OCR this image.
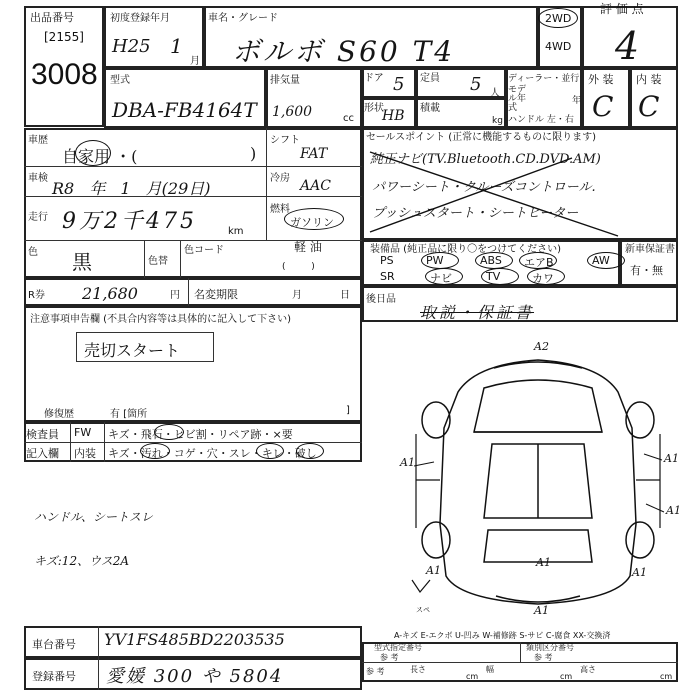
出品番号
[2155]
3008
初度登録年月
H25 1
月
車名・グレード
ボルボ S60 T4
2WD
4WD
評 価 点
4
型式
DBA-FB4164T
排気量
1,600	cc
ドア 5 定員 5 人
形状
HB 積載
kg
ディーラー・並行
モデル年式
年
ハンドル 左・右
外 装
C
内 装
C
車歴
自家用 ・(	)
シフト
FAT
車検
R8 年 1 月(29日)
冷房 AAC
走行 9万2千475	km
燃料
ガソリン
軽 油
色 黒	色替
色コード
(         )
R券 21,680	円 名変期限	月	日
セールスポイント (正常に機能するものに限ります)
純正ナビ(TV.Bluetooth.CD.DVD.AM)
パワーシート・クルーズコントロール.
プッシュスタート・シートヒーター
装備品 (純正品に限り〇をつけてください)	新車保証書
有・無
後日品
取説・保証書
注意事項申告欄 (不具合内容等は具体的に記入して下さい)
売切スタート
修復歴	有 [箇所	]
検査員
記入欄
FW キズ・飛石・ヒビ割・リペア跡・×要
内装 キズ・汚れ・コゲ・穴・スレ・キレ・破し
ハンドル、シートスレ
キズ:12、ウス2A
A2
A1	A1
A1
A1
A1
A1
A1
スペ
A-キズ E-エクボ U-凹み W-補修跡 S-サビ C-腐食 XX-交換済
車台番号 YV1FS485BD2203535
登録番号 愛媛 300 や 5804
型式指定番号
参 考
類別区分番号
参 考
参 考	長さ
cm
幅
cm
高さ
cm
PS	PW	ABS エアB	AW
SR	ナビ	TV	カワ
